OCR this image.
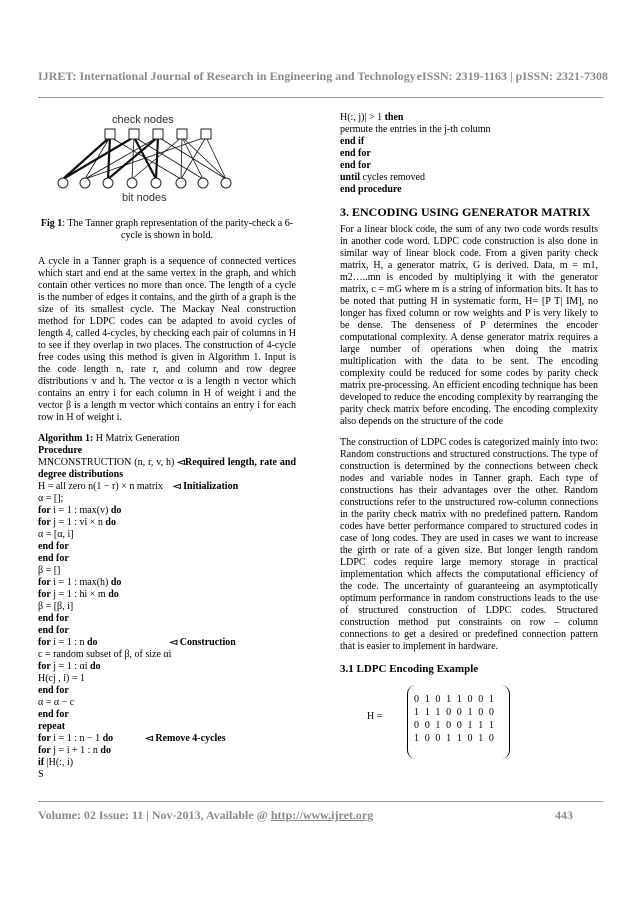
IJRET: International Journal of Research in Engineering and Technology eISSN: 2319-1163 | pISSN: 2321-7308
check nodes
bit nodes

Fig 1: The Tanner graph representation of the parity-check a 6-cycle is shown in bold.

A cycle in a Tanner graph is a sequence of connected vertices which start and end at the same vertex in the graph, and which contain other vertices no more than once. The length of a cycle is the number of edges it contains, and the girth of a graph is the size of its smallest cycle. The Mackay Neal construction method for LDPC codes can be adapted to avoid cycles of length 4, called 4-cycles, by checking each pair of columns in H to see if they overlap in two places. The construction of 4-cycle free codes using this method is given in Algorithm 1. Input is the code length n, rate r, and column and row degree distributions v and h. The vector α is a length n vector which contains an entry i for each column in H of weight i and the vector β is a length m vector which contains an entry i for each row in H of weight i.

Algorithm 1: H Matrix Generation
Procedure

MNCONSTRUCTION (n, r, v, h) ◅Required length, rate and degree distributions

H = all zero n(1 − r) × n matrix ◅ Initialization
α = [];
for i = 1 : max(v) do
for j = 1 : vi × n do
α = [α, i]
end for
end for
β = []
for i = 1 : max(h) do
for j = 1 : hi × m do
β = [β, i]
end for
end for
for i = 1 : n do	◅ Construction
c = random subset of β, of size αi
for j = 1 : αi do
H(cj , i) = 1
end for
α = α − c
end for
repeat
for i = 1 : n − 1 do	◅ Remove 4-cycles
for j = i + 1 : n do
if |H(:, i)
S
H(:, j)| > 1 then
permute the entries in the j-th column
end if
end for
end for
until cycles removed
end procedure
3. ENCODING USING GENERATOR MATRIX

For a linear block code, the sum of any two code words results in another code word. LDPC code construction is also done in similar way of linear block code. From a given parity check matrix, H, a generator matrix, G is derived. Data, m = m1, m2…..mn is encoded by multiplying it with the generator matrix, c = mG where m is a string of information bits. It has to be noted that putting H in systematic form, H= [P T| IM], no longer has fixed column or row weights and P is very likely to be dense. The denseness of P determines the encoder computational complexity. A dense generator matrix requires a large number of operations when doing the matrix multiplication with the data to be sent. The encoding complexity could be reduced for some codes by parity check matrix pre-processing. An efficient encoding technique has been developed to reduce the encoding complexity by rearranging the parity check matrix before encoding. The encoding complexity also depends on the structure of the code

The construction of LDPC codes is categorized mainly into two: Random constructions and structured constructions. The type of construction is determined by the connections between check nodes and variable nodes in Tanner graph. Each type of constructions has their advantages over the other. Random constructions refer to the unstructured row-column connections in the parity check matrix with no predefined pattern. Random codes have better performance compared to structured codes in case of long codes. They are used in cases we want to increase the girth or rate of a given size. But longer length random LDPC codes require large memory storage in practical implementation which affects the computational efficiency of the code. The uncertainty of guaranteeing an asymptotically optimum performance in random constructions leads to the use of structured construction of LDPC codes. Structured construction method put constraints on row – column connections to get a desired or predefined connection pattern that is easier to implement in hardware.

3.1 LDPC Encoding Example
H =
0 1 0 1 1 0 0 1
1 1 1 0 0 1 0 0
0 0 1 0 0 1 1 1
1 0 0 1 1 0 1 0
Volume: 02 Issue: 11 | Nov-2013, Available @ http://www.ijret.org	443
